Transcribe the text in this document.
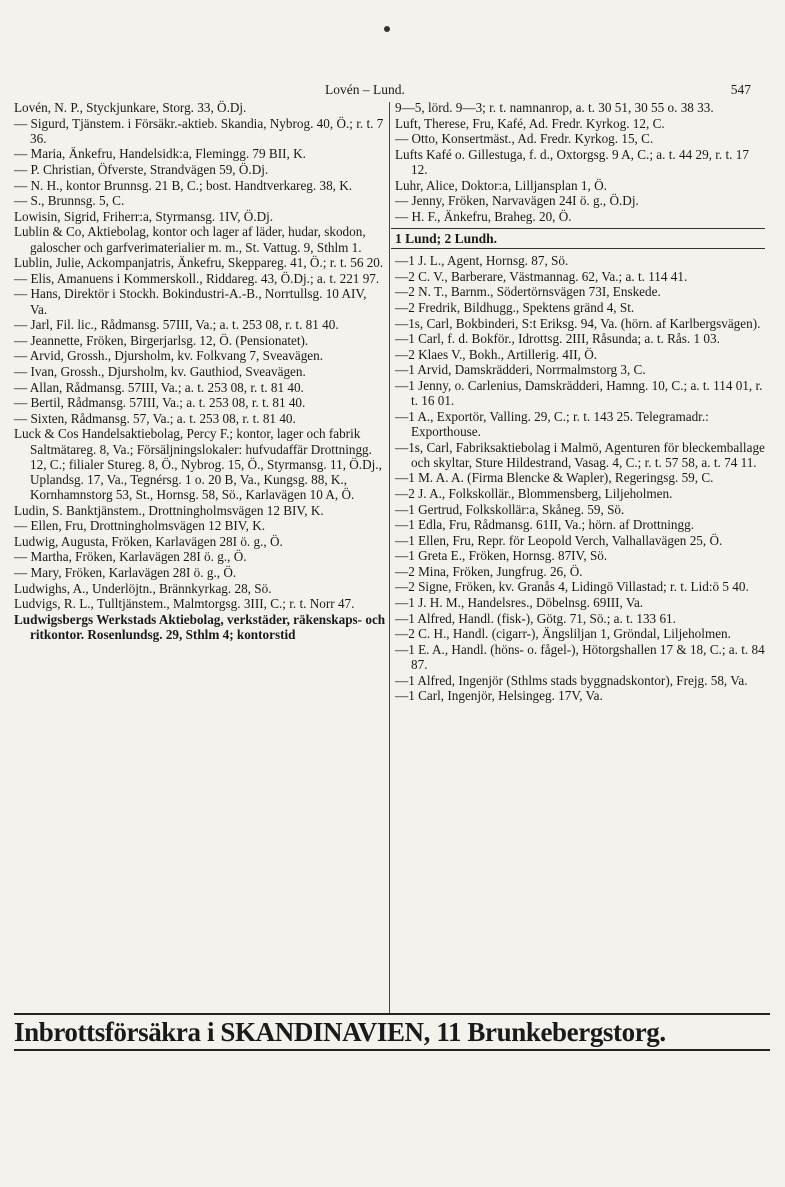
Lovén – Lund.	547
Lovén, N. P., Styckjunkare, Storg. 33, Ö.Dj.
— Sigurd, Tjänstem. i Försäkr.-aktieb. Skandia, Nybrog. 40, Ö.; r. t. 7 36.
— Maria, Änkefru, Handelsidk:a, Flemingg. 79 BII, K.
— P. Christian, Öfverste, Strandvägen 59, Ö.Dj.
— N. H., kontor Brunnsg. 21 B, C.; bost. Handtverkareg. 38, K.
— S., Brunnsg. 5, C.
Lowisin, Sigrid, Friherr:a, Styrmansg. 1IV, Ö.Dj.
Lublin & Co, Aktiebolag, kontor och lager af läder, hudar, skodon, galoscher och garfverimaterialier m. m., St. Vattug. 9, Sthlm 1.
Lublin, Julie, Ackompanjatris, Änkefru, Skeppareg. 41, Ö.; r. t. 56 20.
— Elis, Amanuens i Kommerskoll., Riddareg. 43, Ö.Dj.; a. t. 221 97.
— Hans, Direktör i Stockh. Bokindustri-A.-B., Norrtullsg. 10 AIV, Va.
— Jarl, Fil. lic., Rådmansg. 57III, Va.; a. t. 253 08, r. t. 81 40.
— Jeannette, Fröken, Birgerjarlsg. 12, Ö. (Pensionatet).
— Arvid, Grossh., Djursholm, kv. Folkvang 7, Sveavägen.
— Ivan, Grossh., Djursholm, kv. Gauthiod, Sveavägen.
— Allan, Rådmansg. 57III, Va.; a. t. 253 08, r. t. 81 40.
— Bertil, Rådmansg. 57III, Va.; a. t. 253 08, r. t. 81 40.
— Sixten, Rådmansg. 57, Va.; a. t. 253 08, r. t. 81 40.
Luck & Cos Handelsaktiebolag, Percy F.; kontor, lager och fabrik Saltmätareg. 8, Va.; Försäljningslokaler: hufvudaffär Drottningg. 12, C.; filialer Stureg. 8, Ö., Nybrog. 15, Ö., Styrmansg. 11, Ö.Dj., Uplandsg. 17, Va., Tegnérsg. 1 o. 20 B, Va., Kungsg. 88, K., Kornhamnstorg 53, St., Hornsg. 58, Sö., Karlavägen 10 A, Ö.
Ludin, S. Banktjänstem., Drottningholmsvägen 12 BIV, K.
— Ellen, Fru, Drottningholmsvägen 12 BIV, K.
Ludwig, Augusta, Fröken, Karlavägen 28I ö. g., Ö.
— Martha, Fröken, Karlavägen 28I ö. g., Ö.
— Mary, Fröken, Karlavägen 28I ö. g., Ö.
Ludwighs, A., Underlöjtn., Brännkyrkag. 28, Sö.
Ludvigs, R. L., Tulltjänstem., Malmtorgsg. 3III, C.; r. t. Norr 47.
Ludwigsbergs Werkstads Aktiebolag, verkstäder, räkenskaps- och ritkontor. Rosenlundsg. 29, Sthlm 4; kontorstid
9—5, lörd. 9—3; r. t. namnanrop, a. t. 30 51, 30 55 o. 38 33.
Luft, Therese, Fru, Kafé, Ad. Fredr. Kyrkog. 12, C.
— Otto, Konsertmäst., Ad. Fredr. Kyrkog. 15, C.
Lufts Kafé o. Gillestuga, f. d., Oxtorgsg. 9 A, C.; a. t. 44 29, r. t. 17 12.
Luhr, Alice, Doktor:a, Lilljansplan 1, Ö.
— Jenny, Fröken, Narvavägen 24I ö. g., Ö.Dj.
— H. F., Änkefru, Braheg. 20, Ö.
1 Lund; 2 Lundh.
—1 J. L., Agent, Hornsg. 87, Sö.
—2 C. V., Barberare, Västmannag. 62, Va.; a. t. 114 41.
—2 N. T., Barnm., Södertörnsvägen 73I, Enskede.
—2 Fredrik, Bildhugg., Spektens gränd 4, St.
—1s, Carl, Bokbinderi, S:t Eriksg. 94, Va. (hörn. af Karlbergsvägen).
—1 Carl, f. d. Bokför., Idrottsg. 2III, Råsunda; a. t. Rås. 1 03.
—2 Klaes V., Bokh., Artillerig. 4II, Ö.
—1 Arvid, Damskrädderi, Norrmalmstorg 3, C.
—1 Jenny, o. Carlenius, Damskrädderi, Hamng. 10, C.; a. t. 114 01, r. t. 16 01.
—1 A., Exportör, Valling. 29, C.; r. t. 143 25. Telegramadr.: Exporthouse.
—1s, Carl, Fabriksaktiebolag i Malmö, Agenturen för bleckemballage och skyltar, Sture Hildestrand, Vasag. 4, C.; r. t. 57 58, a. t. 74 11.
—1 M. A. A. (Firma Blencke & Wapler), Regeringsg. 59, C.
—2 J. A., Folkskollär., Blommensberg, Liljeholmen.
—1 Gertrud, Folkskollär:a, Skåneg. 59, Sö.
—1 Edla, Fru, Rådmansg. 61II, Va.; hörn. af Drottningg.
—1 Ellen, Fru, Repr. för Leopold Verch, Valhallavägen 25, Ö.
—1 Greta E., Fröken, Hornsg. 87IV, Sö.
—2 Mina, Fröken, Jungfrug. 26, Ö.
—2 Signe, Fröken, kv. Granås 4, Lidingö Villastad; r. t. Lid:ö 5 40.
—1 J. H. M., Handelsres., Döbelnsg. 69III, Va.
—1 Alfred, Handl. (fisk-), Götg. 71, Sö.; a. t. 133 61.
—2 C. H., Handl. (cigarr-), Ängsliljan 1, Gröndal, Liljeholmen.
—1 E. A., Handl. (höns- o. fågel-), Hötorgshallen 17 & 18, C.; a. t. 84 87.
—1 Alfred, Ingenjör (Sthlms stads byggnadskontor), Frejg. 58, Va.
—1 Carl, Ingenjör, Helsingeg. 17V, Va.
Inbrottsförsäkra i SKANDINAVIEN, 11 Brunkebergstorg.
